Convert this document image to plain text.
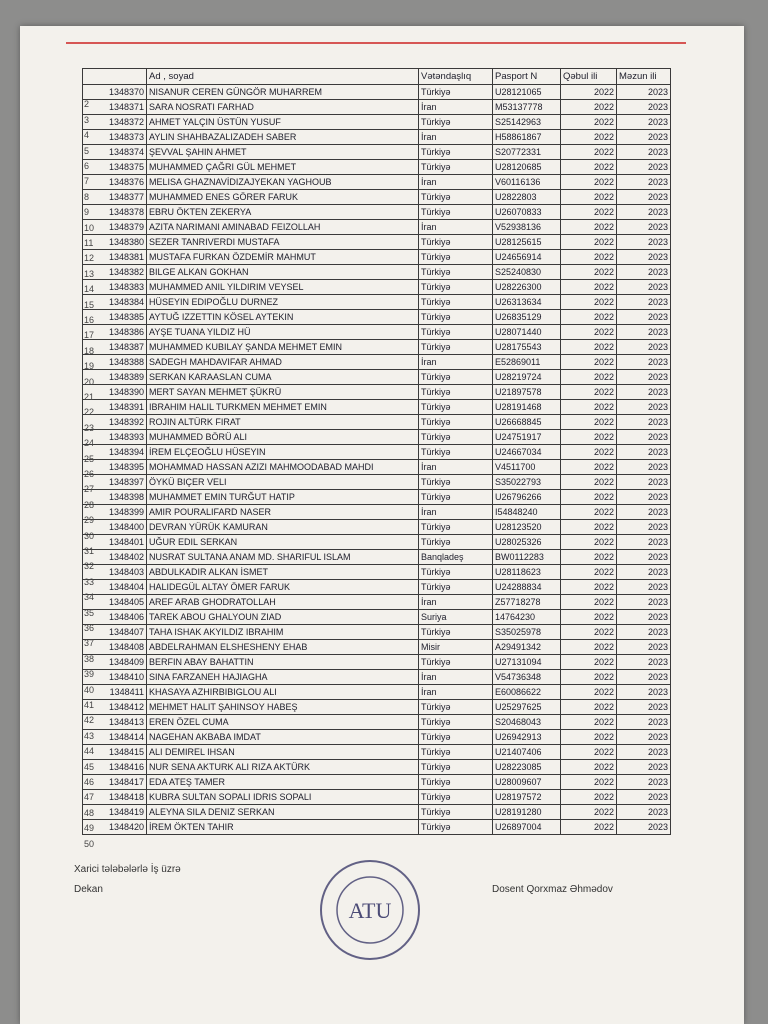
	Ad , soyad	Vətəndaşlıq	Pasport N	Qəbul ili	Məzun ili
1348370	NISANUR CEREN GÜNGÖR MUHARREM	Türkiyə	U28121065	2022	2023
1348371	SARA NOSRATI FARHAD	İran	M53137778	2022	2023
1348372	AHMET YALÇIN ÜSTÜN YUSUF	Türkiyə	S25142963	2022	2023
1348373	AYLIN SHAHBAZALIZADEH SABER	İran	H58861867	2022	2023
1348374	ŞEVVAL ŞAHIN AHMET	Türkiyə	S20772331	2022	2023
1348375	MUHAMMED ÇAĞRI GÜL MEHMET	Türkiyə	U28120685	2022	2023
1348376	MELISA GHAZNAVİDIZAJYEKAN YAGHOUB	İran	V60116136	2022	2023
1348377	MUHAMMED ENES GÖRER FARUK	Türkiyə	U2822803	2022	2023
1348378	EBRU ÖKTEN ZEKERYA	Türkiyə	U26070833	2022	2023
1348379	AZITA NARIMANI AMINABAD FEIZOLLAH	İran	V52938136	2022	2023
1348380	SEZER TANRIVERDI MUSTAFA	Türkiyə	U28125615	2022	2023
1348381	MUSTAFA FURKAN ÖZDEMİR MAHMUT	Türkiyə	U24656914	2022	2023
1348382	BILGE ALKAN GOKHAN	Türkiyə	S25240830	2022	2023
1348383	MUHAMMED ANIL YILDIRIM VEYSEL	Türkiyə	U28226300	2022	2023
1348384	HÜSEYIN EDIPOĞLU DURNEZ	Türkiyə	U26313634	2022	2023
1348385	AYTUĞ IZZETTIN KÖSEL AYTEKIN	Türkiyə	U26835129	2022	2023
1348386	AYŞE TUANA YILDIZ HÜ	Türkiyə	U28071440	2022	2023
1348387	MUHAMMED KUBILAY ŞANDA MEHMET EMIN	Türkiyə	U28175543	2022	2023
1348388	SADEGH MAHDAVIFAR AHMAD	İran	E52869011	2022	2023
1348389	SERKAN KARAASLAN CUMA	Türkiyə	U28219724	2022	2023
1348390	MERT SAYAN MEHMET ŞÜKRÜ	Türkiyə	U21897578	2022	2023
1348391	IBRAHIM HALIL TURKMEN MEHMET EMIN	Türkiyə	U28191468	2022	2023
1348392	ROJIN ALTÜRK FIRAT	Türkiyə	U26668845	2022	2023
1348393	MUHAMMED BÖRÜ ALI	Türkiyə	U24751917	2022	2023
1348394	İREM ELÇEOĞLU HÜSEYIN	Türkiyə	U24667034	2022	2023
1348395	MOHAMMAD HASSAN AZIZI MAHMOODABAD MAHDI	İran	V4511700	2022	2023
1348397	ÖYKÜ BIÇER VELI	Türkiyə	S35022793	2022	2023
1348398	MUHAMMET EMIN TURĞUT HATIP	Türkiyə	U26796266	2022	2023
1348399	AMIR POURALIFARD NASER	İran	I54848240	2022	2023
1348400	DEVRAN YÜRÜK KAMURAN	Türkiyə	U28123520	2022	2023
1348401	UĞUR EDIL SERKAN	Türkiyə	U28025326	2022	2023
1348402	NUSRAT SULTANA ANAM MD. SHARIFUL ISLAM	Banqladeş	BW0112283	2022	2023
1348403	ABDULKADIR ALKAN İSMET	Türkiyə	U28118623	2022	2023
1348404	HALIDEGÜL ALTAY ÖMER FARUK	Türkiyə	U24288834	2022	2023
1348405	AREF ARAB GHODRATOLLAH	İran	Z57718278	2022	2023
1348406	TAREK ABOU GHALYOUN ZIAD	Suriya	14764230	2022	2023
1348407	TAHA ISHAK AKYILDIZ IBRAHIM	Türkiyə	S35025978	2022	2023
1348408	ABDELRAHMAN ELSHESHENY EHAB	Misir	A29491342	2022	2023
1348409	BERFIN ABAY BAHATTIN	Türkiyə	U27131094	2022	2023
1348410	SINA FARZANEH HAJIAGHA	İran	V54736348	2022	2023
1348411	KHASAYA AZHIRBIBIGLOU ALI	İran	E60086622	2022	2023
1348412	MEHMET HALIT ŞAHINSOY HABEŞ	Türkiyə	U25297625	2022	2023
1348413	EREN ÖZEL CUMA	Türkiyə	S20468043	2022	2023
1348414	NAGEHAN AKBABA IMDAT	Türkiyə	U26942913	2022	2023
1348415	ALI DEMIREL IHSAN	Türkiyə	U21407406	2022	2023
1348416	NUR SENA AKTURK ALI RIZA AKTÜRK	Türkiyə	U28223085	2022	2023
1348417	EDA ATEŞ TAMER	Türkiyə	U28009607	2022	2023
1348418	KUBRA SULTAN SOPALI IDRIS SOPALI	Türkiyə	U28197572	2022	2023
1348419	ALEYNA SILA DENIZ SERKAN	Türkiyə	U28191280	2022	2023
1348420	İREM ÖKTEN TAHIR	Türkiyə	U26897004	2022	2023
2
3
4
5
6
7
8
9
10
11
12
13
14
15
16
17
18
19
20
21
22
23
24
25
26
27
28
29
30
31
32
33
34
35
36
37
38
39
40
41
42
43
44
45
46
47
48
49
50
Xarici tələbələrlə İş üzrə
Dekan	Dosent Qorxmaz Əhmədov
ATU
